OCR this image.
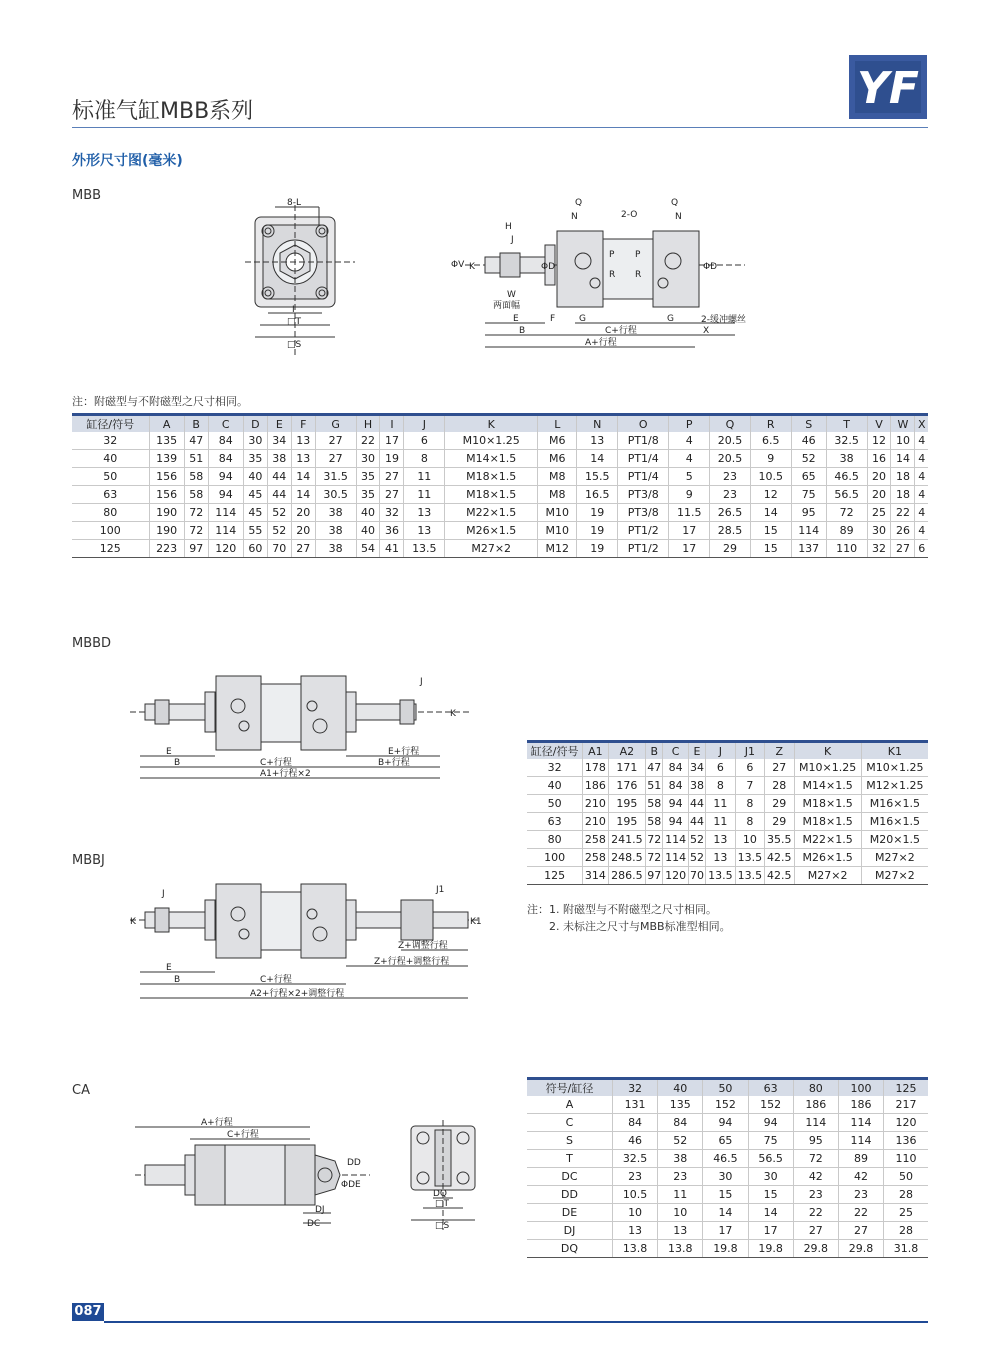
标准气缸MBB系列	YF
外形尺寸图(毫米)
MBB	8-L
I
□T
□S
H
J
ΦV K	ΦD
Q
N	2-O
Q
N
P
R
P
R
ΦD
W
两面幅
2-缓冲螺丝
E	F	G	G
C+行程	X
B
A+行程
注：附磁型与不附磁型之尺寸相同。
缸径/符号	A	B	C	D	E	F	G	H	I	J	K	L	N	O	P	Q	R	S	T	V	W	X
32	135	47	84	30	34	13	27	22	17	6	M10×1.25	M6	13	PT1/8	4	20.5	6.5	46	32.5	12	10	4
40	139	51	84	35	38	13	27	30	19	8	M14×1.5	M6	14	PT1/4	4	20.5	9	52	38	16	14	4
50	156	58	94	40	44	14	31.5	35	27	11	M18×1.5	M8	15.5	PT1/4	5	23	10.5	65	46.5	20	18	4
63	156	58	94	45	44	14	30.5	35	27	11	M18×1.5	M8	16.5	PT3/8	9	23	12	75	56.5	20	18	4
80	190	72	114	45	52	20	38	40	32	13	M22×1.5	M10	19	PT3/8	11.5	26.5	14	95	72	25	22	4
100	190	72	114	55	52	20	38	40	36	13	M26×1.5	M10	19	PT1/2	17	28.5	15	114	89	30	26	4
125	223	97	120	60	70	27	38	54	41	13.5	M27×2	M12	19	PT1/2	17	29	15	137	110	32	27	6
MBBD
J
K
E
B	C+行程
E+行程
B+行程
A1+行程×2
缸径/符号	A1	A2	B	C	E	J	J1	Z	K	K1
32	178	171	47	84	34	6	6	27	M10×1.25	M10×1.25
40	186	176	51	84	38	8	7	28	M14×1.5	M12×1.25
50	210	195	58	94	44	11	8	29	M18×1.5	M16×1.5
63	210	195	58	94	44	11	8	29	M18×1.5	M16×1.5
80	258	241.5	72	114	52	13	10	35.5	M22×1.5	M20×1.5
100	258	248.5	72	114	52	13	13.5	42.5	M26×1.5	M27×2
125	314	286.5	97	120	70	13.5	13.5	42.5	M27×2	M27×2
注：1. 附磁型与不附磁型之尺寸相同。
2. 未标注之尺寸与MBB标准型相同。
MBBJ
J
K
J1
K1
E
B	C+行程
Z+调整行程
Z+行程+调整行程
A2+行程×2+调整行程
CA
A+行程
C+行程
DD
ΦDE
DJ
DC
DQ
□T
□S
符号/缸径	32	40	50	63	80	100	125
A	131	135	152	152	186	186	217
C	84	84	94	94	114	114	120
S	46	52	65	75	95	114	136
T	32.5	38	46.5	56.5	72	89	110
DC	23	23	30	30	42	42	50
DD	10.5	11	15	15	23	23	28
DE	10	10	14	14	22	22	25
DJ	13	13	17	17	27	27	28
DQ	13.8	13.8	19.8	19.8	29.8	29.8	31.8
087
